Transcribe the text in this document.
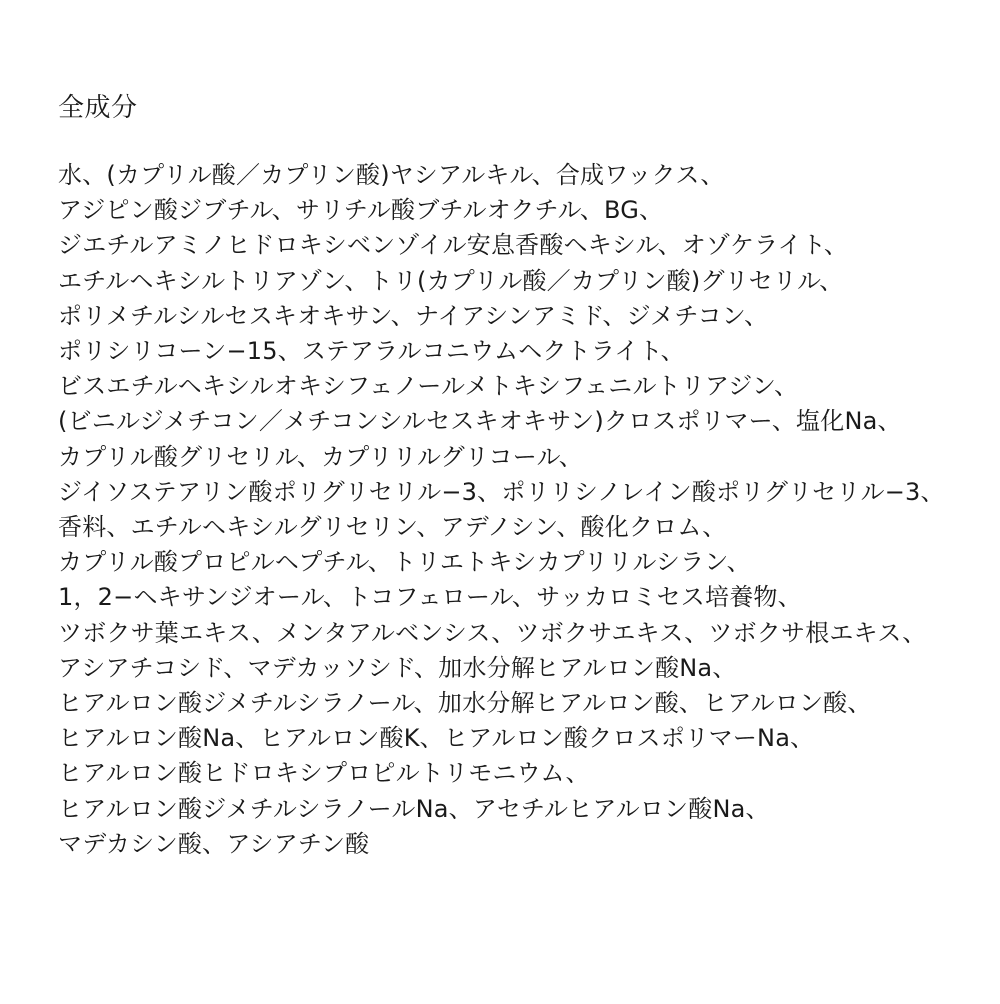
全成分
水、(カプリル酸／カプリン酸)ヤシアルキル、合成ワックス、
アジピン酸ジブチル、サリチル酸ブチルオクチル、BG、
ジエチルアミノヒドロキシベンゾイル安息香酸ヘキシル、オゾケライト、
エチルヘキシルトリアゾン、トリ(カプリル酸／カプリン酸)グリセリル、
ポリメチルシルセスキオキサン、ナイアシンアミド、ジメチコン、
ポリシリコーン−15、ステアラルコニウムヘクトライト、
ビスエチルヘキシルオキシフェノールメトキシフェニルトリアジン、
(ビニルジメチコン／メチコンシルセスキオキサン)クロスポリマー、塩化Na、
カプリル酸グリセリル、カプリリルグリコール、
ジイソステアリン酸ポリグリセリル−3、ポリリシノレイン酸ポリグリセリル−3、
香料、エチルヘキシルグリセリン、アデノシン、酸化クロム、
カプリル酸プロピルヘプチル、トリエトキシカプリリルシラン、
1，2−ヘキサンジオール、トコフェロール、サッカロミセス培養物、
ツボクサ葉エキス、メンタアルベンシス、ツボクサエキス、ツボクサ根エキス、
アシアチコシド、マデカッソシド、加水分解ヒアルロン酸Na、
ヒアルロン酸ジメチルシラノール、加水分解ヒアルロン酸、ヒアルロン酸、
ヒアルロン酸Na、ヒアルロン酸K、ヒアルロン酸クロスポリマーNa、
ヒアルロン酸ヒドロキシプロピルトリモニウム、
ヒアルロン酸ジメチルシラノールNa、アセチルヒアルロン酸Na、
マデカシン酸、アシアチン酸
